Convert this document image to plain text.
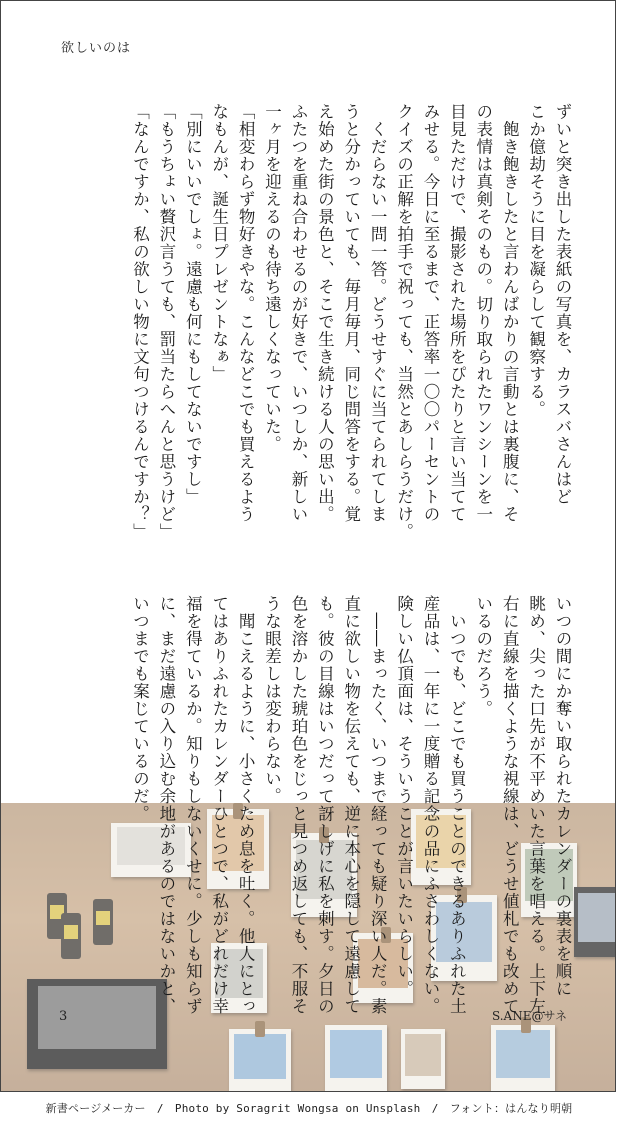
欲しいのは

ずいと突き出した表紙の写真を、カラスバさんはど

こか億劫そうに目を凝らして観察する。

　飽き飽きしたと言わんばかりの言動とは裏腹に、そ

の表情は真剣そのもの。切り取られたワンシーンを一

目見ただけで、撮影された場所をぴたりと言い当てて

みせる。今日に至るまで、正答率一〇〇パーセントの

クイズの正解を拍手で祝っても、当然とあしらうだけ。

　くだらない一問一答。どうせすぐに当てられてしま

うと分かっていても、毎月毎月、同じ問答をする。覚

え始めた街の景色と、そこで生き続ける人の思い出。

ふたつを重ね合わせるのが好きで、いつしか、新しい

一ヶ月を迎えるのも待ち遠しくなっていた。

「相変わらず物好きやな。こんなどこでも買えるよう

なもんが、誕生日プレゼントなぁ」

「別にいいでしょ。遠慮も何にもしてないですし」

「もうちょい贅沢言うても、罰当たらへんと思うけど」

「なんですか、私の欲しい物に文句つけるんですか？」

いつの間にか奪い取られたカレンダーの裏表を順に

眺め、尖った口先が不平めいた言葉を唱える。上下左

右に直線を描くような視線は、どうせ値札でも改めて

いるのだろう。

　いつでも、どこでも買うことのできるありふれた土

産品は、一年に一度贈る記念の品にふさわしくない。

険しい仏頂面は、そういうことが言いたいらしい。

　――まったく、いつまで経っても疑り深い人だ。素

直に欲しい物を伝えても、逆に本心を隠して遠慮して

も。彼の目線はいつだって訝しげに私を刺す。夕日の

色を溶かした琥珀色をじっと見つめ返しても、不服そ

うな眼差しは変わらない。

　聞こえるように、小さくため息を吐く。他人にとっ

てはありふれたカレンダーひとつで、私がどれだけ幸

福を得ているか。知りもしないくせに。少しも知らず

に、まだ遠慮の入り込む余地があるのではないかと、

いつまでも案じているのだ。

3	S.ANE@サネ
新書ページメーカー　/　Photo by Soragrit Wongsa on Unsplash　/　フォント：はんなり明朝
